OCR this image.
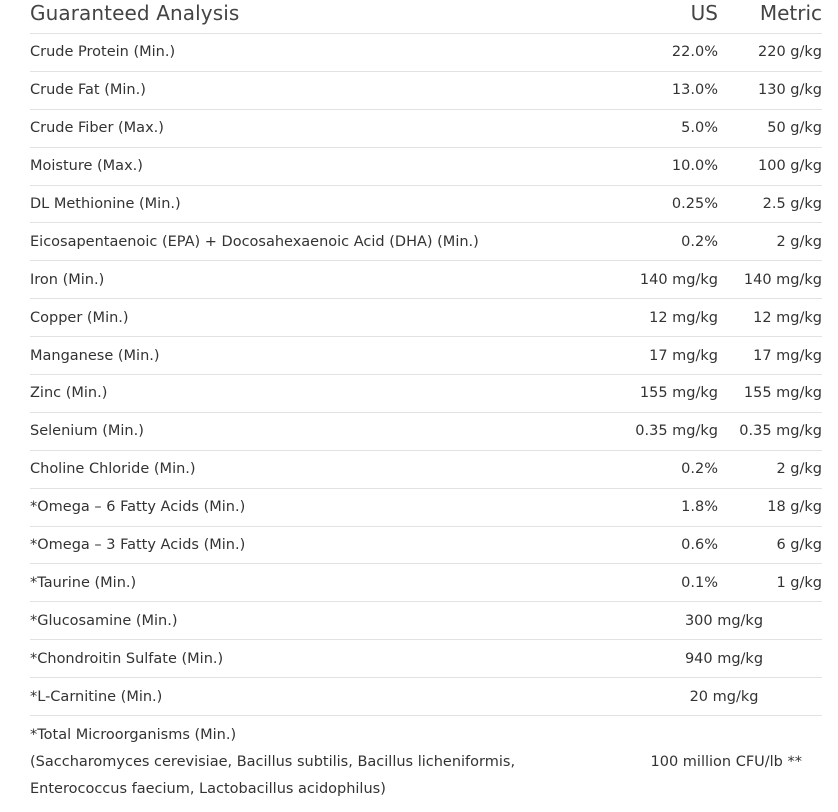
Guaranteed Analysis	US	Metric
Crude Protein (Min.)	22.0%	220 g/kg
Crude Fat (Min.)	13.0%	130 g/kg
Crude Fiber (Max.)	5.0%	50 g/kg
Moisture (Max.)	10.0%	100 g/kg
DL Methionine (Min.)	0.25%	2.5 g/kg
Eicosapentaenoic (EPA) + Docosahexaenoic Acid (DHA) (Min.)	0.2%	2 g/kg
Iron (Min.)	140 mg/kg	140 mg/kg
Copper (Min.)	12 mg/kg	12 mg/kg
Manganese (Min.)	17 mg/kg	17 mg/kg
Zinc (Min.)	155 mg/kg	155 mg/kg
Selenium (Min.)	0.35 mg/kg	0.35 mg/kg
Choline Chloride (Min.)	0.2%	2 g/kg
*Omega – 6 Fatty Acids (Min.)	1.8%	18 g/kg
*Omega – 3 Fatty Acids (Min.)	0.6%	6 g/kg
*Taurine (Min.)	0.1%	1 g/kg
*Glucosamine (Min.)	300 mg/kg
*Chondroitin Sulfate (Min.)	940 mg/kg
*L-Carnitine (Min.)	20 mg/kg
*Total Microorganisms (Min.)
(Saccharomyces cerevisiae, Bacillus subtilis, Bacillus licheniformis,
Enterococcus faecium, Lactobacillus acidophilus)
100 million CFU/lb **
